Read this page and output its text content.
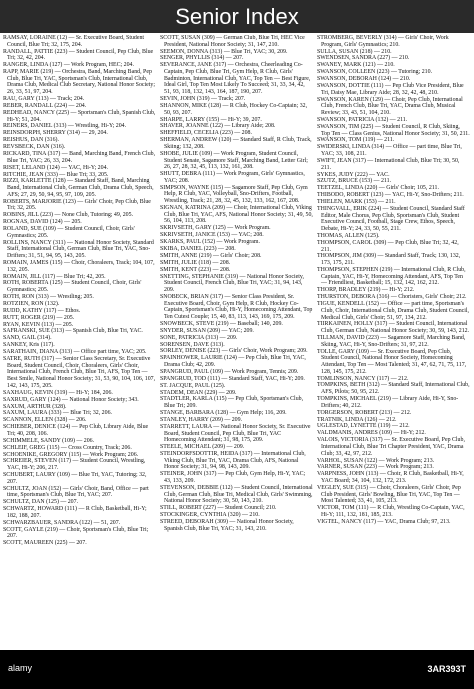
Senior Index
RAMSAY, LORAINE (12) — Sr. Executive Board, Student Council, Blue Tri; 32, 175, 204.
RANDALL, PATTIE (223) — Student Council, Pep Club, Blue Tri; 32, 42, 204.
RANGER, LINDA (127) — Work Program, HEC; 204.
RAPP, MARIE (219) — Orchestra, Band, Marching Band, Pep Club, Blue Tri, YAC, Sportsman's Club, International Club, Drama Club, Medical Club Secretary, National Honor Society; 26, 33, 51, 97, 204.
RAU, GARY (113) — Track; 204.
REBER, RANDALL (224) — 204.
REDHEAD, NANCY (225) — Sportsman's Club, Spanish Club, Hi-Y; 51, 204.
REINERS, DANIEL (313) — Wrestling, Hi-Y; 204.
REINSDORPH, SHERRY (314) — 29, 204.
REISHUS, DAN (316).
REVSBECK, DAN (316).
RICKARD, TINA (317) — Band, Marching Band, French Club, Blue Tri, YAC; 26, 33, 204.
RISET, LELAND (124) — YAC, Hi-Y; 204.
RITCHIE, JEAN (333) — Blue Tri; 33, 205.
RIZZI, KARLETTE (128) — Standard Staff, Band, Marching Band, International Club, German Club, Drama Club, Speech, AFS; 27, 29, 50, 94, 95, 97, 109, 205.
ROBERTS, MARJORIE (123) — Girls' Choir, Pep Club, Blue Tri; 32, 205.
ROBINS, JILL (223) — None Club, Tutoring; 49, 205.
ROGNAS, DAVID (124) — 205.
ROLAND, SUE (109) — Student Council, Choir, Girls' Gymnastics; 205.
ROLLINS, NANCY (311) — National Honor Society, Standard Staff, International Club, German Club, Blue Tri, YAC, Sno-Drifters; 31, 51, 94, 95, 143, 205.
ROMAIN, JAMES (115) — Choir, Choraleers, Track; 104, 107, 132, 205.
ROMAIN, JILL (117) — Blue Tri; 42, 205.
ROTH, ROBERTA (125) — Student Council, Choir, Girls' Gymnastics; 205.
ROTH, RON (313) — Wrestling; 205.
ROTZIEN, RON (132).
RUDD, KATHY (117) — Ethos.
RUTT, ROGER (219) — 205.
RYAN, KEVIN (113) — 205.
SAFRANSKI, SUE (313) — Spanish Club, Blue Tri, YAC.
SAND, GAIL (314).
SANKEY, Kris (117).
SARATHAIN, DIANA (313) — Office part time, YAC; 205.
SATRE, RUTH (317) — Senior Class Secretary, Sr. Executive Board, Student Council, Choir, Choraleers, Girls' Choir, International Club, French Club, Blue Tri, AFS, Top Ten — Best Smile, National Honor Society; 31, 53, 90, 104, 106, 107, 142, 143, 175, 205.
SAXHAUG, KEVIN (319) — Hi-Y; 184, 206.
SAXRUD, GARY (124) — National Honor Society; 343.
SAXUM, ARTHUR (328).
SAXUM, LAURA (333) — Blue Tri; 32, 206.
SCANNON, ELLEN (328) — 206.
SCHIEBER, DENICE (124) — Pep Club, Library Aide, Blue Tri; 40, 208, 106.
SCHIMMELE, SANDY (109) — 206.
SCHLEIF, GREG (115) — Cross Country, Track; 206.
SCHOENIKE, GREGORY (115) — Work Program; 206.
SCHREIER, STEVEN (117) — Student Council, Wrestling, YAC, Hi-Y; 206, 217.
SCHUBERT, LAURY (109) — Blue Tri, YAC, Tutoring; 32, 207.
SCHULTZ, JOAN (152) — Girls' Choir, Band, Office — part time, Sportsman's Club, Blue Tri, YAC; 207.
SCHULTZ, DAN (125) — 207.
SCHWARTZ, HOWARD (111) — R Club, Basketball, Hi-Y; 182, 188, 207.
SCHWARZBAUER, SANDRA (122) — 51, 207.
SCOTT, GAYLE (219) — Choir, Sportsman's Club, Blue Tri; 207.
SCOTT, MAUREEN (225) — 207.
SCOTT, SUSAN (309) — German Club, Blue Tri, HEC Vice President, National Honor Society; 31, 147, 210.
SEEMON, DONNA (313) — Blue Tri, YAC; 30, 209.
SENGER, PHYLLIS (314) — 207.
SEVERANCE, JANE (317) — Orchestra, Cheerleading Co-Captain, Pep Club, Blue Tri, Gym Help, R Club, Girls' Badminton, International Club, YAC, Top Ten — Best Figure, Ideal Girl, Top Ten Most Likely To Succeed; 31, 33, 34, 42, 51, 93, 118, 132, 143, 164, 187, 190, 207.
SEVIN, JOHN (319) — Track; 207.
SHANNON, MIKE (128) — R Club, Hockey Co-Captain; 32, 50, 93, 207.
SHARPE, LARRY (155) — Hi-Y; 39, 207.
SHAVER, JOANNE (122) — Library Aide; 208.
SHEFFIELD, CECELIA (223) — 208.
SHERMAN, ANDREW (120) — Standard Staff, R Club, Track, Skiing; 132, 208.
SHOBE, JULIE (109) — Work Program, Student Council, Student Senate, Sagamore Staff, Marching Band, Letter Girl; 26, 27, 28, 32, 45, 113, 132, 161, 208.
SHUTT, DEBRA (111) — Work Program, Girls' Gymnastics, YAC; 208.
SIMPSON, WAYNE (115) — Sagamore Staff, Pep Club, Gym Help, R Club, YAC, Volleyball, Sno-Drifters, Football, Wrestling, Track; 21, 28, 32, 45, 132, 133, 162, 167, 208.
SIGNAN, KATRINA (209) — Choir, International Club, Viking Club, Blue Tri, YAC, AFS, National Honor Society; 31, 49, 50, 56, 104, 113, 208.
SKRIVSETH, GARY (125) — Work Program.
SKRIVSETH, JANICE (153) — YAC; 208.
SKARKS, PAUL (152) — Work Program.
SKIBA, DANIEL (223) — 208.
SMITH, ANNE (219) — Girls' Choir; 208.
SMITH, JULIE (118) — 208.
SMITH, KENT (223) — 208.
SNETTING, STEPHANIE (319) — National Honor Society, Student Council, French Club, Blue Tri, YAC; 31, 94, 143, 209.
SNOBECK, BRIAN (317) — Senior Class President, Sr. Executive Board, Choir, Gym Help, R Club, Hockey Co-Captain, Sportsman's Club, Hi-Y, Homecoming Attendant, Top Ten Cutest Couple; 15, 40, 83, 113, 143, 169, 175, 209.
SNOWBECK, STEVE (219) — Baseball; 140, 209.
SNYDER, SUSAN (209) — YAC; 209.
SONE, PATRICIA (313) — 209.
SORENSEN, DAVE (313).
SORLEY, DENISE (223) — Girls' Choir, Work Program; 209.
SPAINHOWER, LAURIE (124) — Pep Club, Blue Tri, YAC, Drama Club; 42, 209.
SPANGRUD, PAUL (109) — Work Program, Tennis; 209.
SPANGRUD, TOD (111) — Standard Staff, YAC, Hi-Y; 209.
ST. JACQUE, PAUL (125).
STADEM, DEAN (229) — 209.
STADTLER, KARLA (115) — Pep Club, Sportsman's Club, Blue Tri; 209.
STANGE, BARBARA (128) — Gym Help; 116, 209.
STANLEY, HARRY (209) — 209.
STARRETT, LAURA — National Honor Society, Sr. Executive Board, Student Council, Pep Club, Blue Tri, YAC Homecoming Attendant; 31, 98, 175, 209.
STEELE, MICHAEL (209) — 209.
STEINDORFSDOTTIR, HEIDA (317) — International Club, Viking Club, Blue Tri, YAC, Drama Club, AFS, National Honor Society; 31, 94, 98, 143, 209.
STEINER, JOHN (317) — Pep Club, Gym Help, Hi-Y, YAC; 43, 133, 209.
STEVENSON, DEBBIE (112) — Student Council, International Club, German Club, Blue Tri, Medical Club, Girls' Swimming, National Honor Society; 30, 50, 143, 210.
STILL, ROBERT (227) — Student Council; 210.
STOCKINGER, CYNTHIA (320) — 210.
STREED, DEBORAH (309) — National Honor Society, Spanish Club, Blue Tri, YAC; 31, 143, 210.
STROMBERG, BEVERLY (314) — Girls' Choir, Work Program, Girls' Gymnastics; 210.
SULLA, SUSAN (218) — 210.
SWENDSEN, SANDRA (227) — 210.
SWANEY, MARK (121) — 210.
SWANSON, COLLEEN (223) — Tutoring; 210.
SWANSON, DEBORAH (124) — 210.
SWANSON, DOTTIE (111) — Pep Club Vice President, Blue Tri, Daisy Mae, Library Aide; 28, 32, 42, 48, 210.
SWANSON, KAREN (129) — Choir, Pep Club, International Club, French Club, Blue Tri, YAC, Drama Club, Musical Review; 33, 43, 51, 104, 210.
SWANSON, PATRICIA (132) — 211.
SWANSON, TIM (225) — Student Council, R Club, Skiing, Top Ten — Class Genius, National Honor Society; 31, 50, 211.
SWANSON, TOM (119) — 211.
SWIDERSKI, LINDA (314) — Office — part time, Blue Tri, YAC; 33, 108, 211.
SWIFT, JEAN (317) — International Club, Blue Tri; 30, 50, 211.
SYKES, JUDY (222) — YAC.
SZUTZ, BRUCE (153) — 211.
TEETZEL, LINDA (220) — Girls' Choir; 105, 211.
THIBODO, ROBERT (123) — YAC, Hi-Y, Sno-Drifters; 211.
THIELEN, MARK (153) — 211.
THINGVALL, ERIK (224) — Student Council, Standard Staff Editor, Male Chorus, Pep Club, Sportsman's Club, Student Executive Council, Football, Stage Crew, Ethos, Speech, Debate, Hi-Y; 24, 33, 50, 55, 211.
THOMAS, ALLEN (125).
THOMPSON, CAROL (309) — Pep Club, Blue Tri; 32, 42, 211.
THOMPSON, JIM (309) — Standard Staff, Track; 130, 132, 173, 175, 211.
THOMPSON, STEPHEN (219) — International Club, R Club, Captain, YAC, Hi-Y, Homecoming Attendant, AFS, Top Ten — Friendliest, Basketball; 15, 132, 142, 162, 212.
THORP, BRADLEY (219) — Hi-Y; 212.
THURSTON, DEBORA (316) — Choristers, Girls' Choir; 212.
TIGUE, KENDELL (152) — Office — part time, Sportsman's Club, Choir, International Club, Drama Club, Student Council, Medical Club, Girls' Choir; 51, 97, 134, 212.
TIIRKAINEN, HOLLY (317) — Student Council, International Club, German Club, National Honor Society; 30, 59, 143, 212.
TILLMAN, DAVID (223) — Sagamore Staff, Marching Band, Skiing, YAC, Hi-Y, Sno-Drifters; 31, 97, 212.
TOLLE, GARY (109) — Sr. Executive Board, Pep Club, Student Council, National Honor Society, Homecoming Attendant, Top Ten — Most Talented; 31, 47, 62, 71, 75, 117, 128, 145, 175, 212.
TOMLINSON, NANCY (117) — 212.
TOMPKINS, BETH (312) — Standard Staff, International Club, AFS, Pilots; 50, 95, 212.
TOMPKINS, MICHAEL (219) — Library Aide, Hi-Y, Sno-Drifters; 40, 212.
TORGERSON, ROBERT (213) — 212.
TRATNIK, LINDA (126) — 212.
UGLESTAD, LYNETTE (119) — 212.
VALDMANIS, ANDRES (109) — Hi-Y; 212.
VALOIS, VICTORIA (317) — Sr. Executive Board, Pep Club, International Club, Blue Tri Chapter President, YAC, Drama Club; 33, 42, 97, 212.
VARHOL, SUSAN (122) — Work Program; 213.
VARNER, SUSAN (223) — Work Program; 213.
VARPNESS, JOHN (113) — Choir, R Club, Basketball, Hi-Y, YAC Board; 34, 104, 132, 172, 213.
VEGLEY, SUE (315) — Choir, Choraleers, Girls' Choir, Pep Club President, Girls' Bowling, Blue Tri, YAC, Top Ten — Most Talented; 33, 41, 105, 213.
VICTOR, TOM (111) — R Club, Wrestling Co-Captain, YAC, Hi-Y; 111, 132, 181, 185, 213.
VIGTEL, NANCY (117) — YAC, Drama Club; 97, 213.
alamy	3AR393T
